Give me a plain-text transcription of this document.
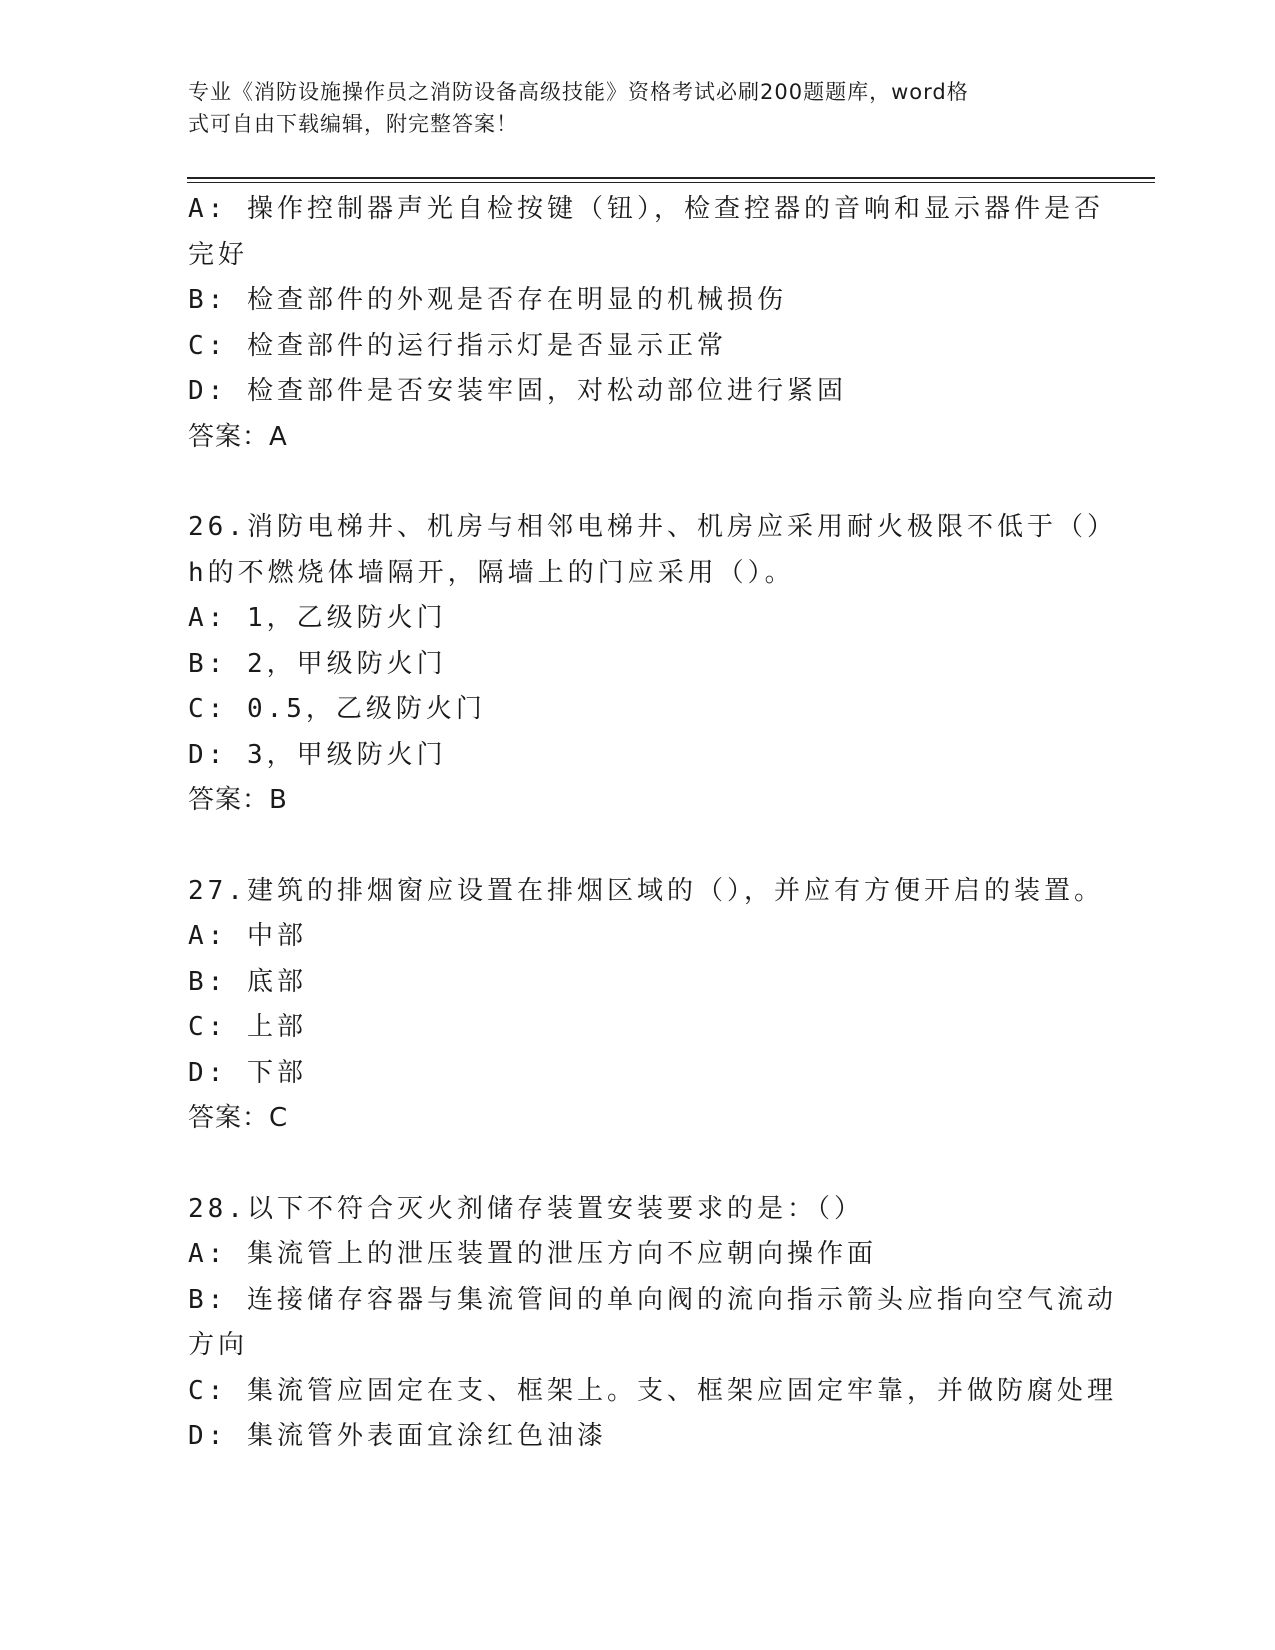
专业《消防设施操作员之消防设备高级技能》资格考试必刷200题题库，word格
式可自由下载编辑，附完整答案！
A: 操作控制器声光自检按键（钮），检查控器的音响和显示器件是否
完好
B: 检查部件的外观是否存在明显的机械损伤
C: 检查部件的运行指示灯是否显示正常
D: 检查部件是否安装牢固，对松动部位进行紧固
答案：A
26.消防电梯井、机房与相邻电梯井、机房应采用耐火极限不低于（）
h的不燃烧体墙隔开，隔墙上的门应采用（）。
A: 1，乙级防火门
B: 2，甲级防火门
C: 0.5，乙级防火门
D: 3，甲级防火门
答案：B
27.建筑的排烟窗应设置在排烟区域的（），并应有方便开启的装置。
A: 中部
B: 底部
C: 上部
D: 下部
答案：C
28.以下不符合灭火剂储存装置安装要求的是：（）
A: 集流管上的泄压装置的泄压方向不应朝向操作面
B: 连接储存容器与集流管间的单向阀的流向指示箭头应指向空气流动
方向
C: 集流管应固定在支、框架上。支、框架应固定牢靠，并做防腐处理
D: 集流管外表面宜涂红色油漆
